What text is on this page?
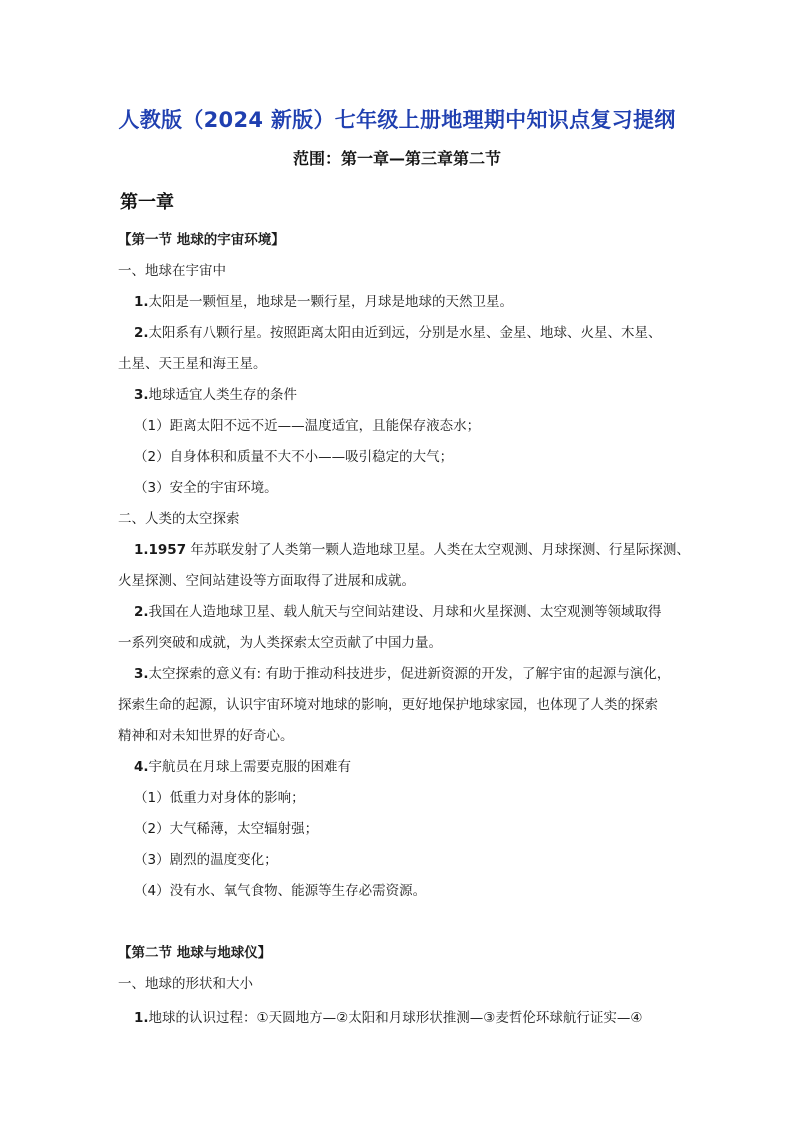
人教版（2024 新版）七年级上册地理期中知识点复习提纲
范围：第一章—第三章第二节
第一章
【第一节 地球的宇宙环境】
一、地球在宇宙中
1.太阳是一颗恒星，地球是一颗行星，月球是地球的天然卫星。
2.太阳系有八颗行星。按照距离太阳由近到远，分别是水星、金星、地球、火星、木星、
土星、天王星和海王星。
3.地球适宜人类生存的条件
（1）距离太阳不远不近——温度适宜，且能保存液态水；
（2）自身体积和质量不大不小——吸引稳定的大气；
（3）安全的宇宙环境。
二、人类的太空探索
1.1957 年苏联发射了人类第一颗人造地球卫星。人类在太空观测、月球探测、行星际探测、
火星探测、空间站建设等方面取得了进展和成就。
2.我国在人造地球卫星、载人航天与空间站建设、月球和火星探测、太空观测等领域取得
一系列突破和成就，为人类探索太空贡献了中国力量。
3.太空探索的意义有: 有助于推动科技进步，促进新资源的开发，了解宇宙的起源与演化，
探索生命的起源，认识宇宙环境对地球的影响，更好地保护地球家园，也体现了人类的探索
精神和对未知世界的好奇心。
4.宇航员在月球上需要克服的困难有
（1）低重力对身体的影响；
（2）大气稀薄，太空辐射强；
（3）剧烈的温度变化；
（4）没有水、氧气食物、能源等生存必需资源。
【第二节 地球与地球仪】
一、地球的形状和大小
1.地球的认识过程：①天圆地方—②太阳和月球形状推测—③麦哲伦环球航行证实—④
